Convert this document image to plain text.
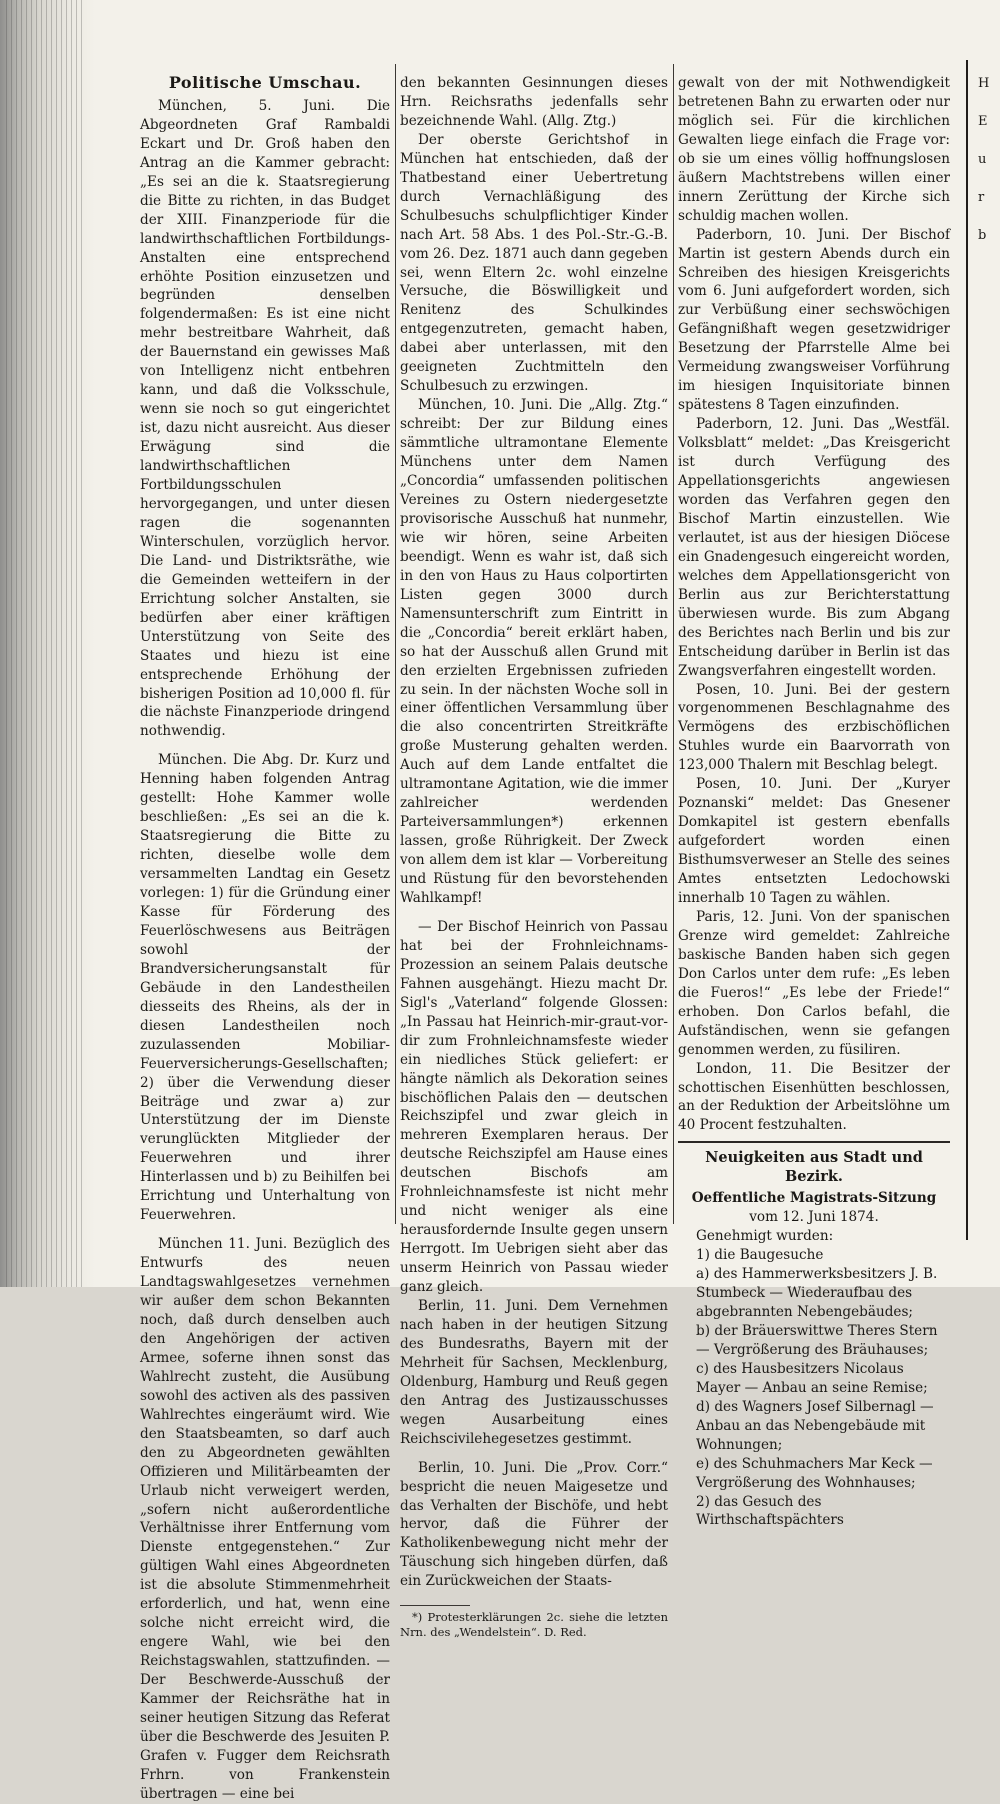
Politische Umschau.

München, 5. Juni. Die Abgeordneten Graf Rambaldi Eckart und Dr. Groß haben den Antrag an die Kammer gebracht: „Es sei an die k. Staatsregierung die Bitte zu richten, in das Budget der XIII. Finanzperiode für die landwirthschaftlichen Fortbildungs-Anstalten eine entsprechend erhöhte Position einzusetzen und begründen denselben folgendermaßen: Es ist eine nicht mehr bestreitbare Wahrheit, daß der Bauernstand ein gewisses Maß von Intelligenz nicht entbehren kann, und daß die Volksschule, wenn sie noch so gut eingerichtet ist, dazu nicht ausreicht. Aus dieser Erwägung sind die landwirthschaftlichen Fortbildungsschulen hervorgegangen, und unter diesen ragen die sogenannten Winterschulen, vorzüglich hervor. Die Land- und Distriktsräthe, wie die Gemeinden wetteifern in der Errichtung solcher Anstalten, sie bedürfen aber einer kräftigen Unterstützung von Seite des Staates und hiezu ist eine entsprechende Erhöhung der bisherigen Position ad 10,000 fl. für die nächste Finanzperiode dringend nothwendig.

München. Die Abg. Dr. Kurz und Henning haben folgenden Antrag gestellt: Hohe Kammer wolle beschließen: „Es sei an die k. Staatsregierung die Bitte zu richten, dieselbe wolle dem versammelten Landtag ein Gesetz vorlegen: 1) für die Gründung einer Kasse für Förderung des Feuerlöschwesens aus Beiträgen sowohl der Brandversicherungsanstalt für Gebäude in den Landestheilen diesseits des Rheins, als der in diesen Landestheilen noch zuzulassenden Mobiliar-Feuerversicherungs-Gesellschaften; 2) über die Verwendung dieser Beiträge und zwar a) zur Unterstützung der im Dienste verunglückten Mitglieder der Feuerwehren und ihrer Hinterlassen und b) zu Beihilfen bei Errichtung und Unterhaltung von Feuerwehren.

München 11. Juni. Bezüglich des Entwurfs des neuen Landtagswahlgesetzes vernehmen wir außer dem schon Bekannten noch, daß durch denselben auch den Angehörigen der activen Armee, soferne ihnen sonst das Wahlrecht zusteht, die Ausübung sowohl des activen als des passiven Wahlrechtes eingeräumt wird. Wie den Staatsbeamten, so darf auch den zu Abgeordneten gewählten Offizieren und Militärbeamten der Urlaub nicht verweigert werden, „sofern nicht außerordentliche Verhältnisse ihrer Entfernung vom Dienste entgegenstehen.“ Zur gültigen Wahl eines Abgeordneten ist die absolute Stimmenmehrheit erforderlich, und hat, wenn eine solche nicht erreicht wird, die engere Wahl, wie bei den Reichstagswahlen, stattzufinden. — Der Beschwerde-Ausschuß der Kammer der Reichsräthe hat in seiner heutigen Sitzung das Referat über die Beschwerde des Jesuiten P. Grafen v. Fugger dem Reichsrath Frhrn. von Frankenstein übertragen — eine bei

den bekannten Gesinnungen dieses Hrn. Reichsraths jedenfalls sehr bezeichnende Wahl. (Allg. Ztg.)

Der oberste Gerichtshof in München hat entschieden, daß der Thatbestand einer Uebertretung durch Vernachläßigung des Schulbesuchs schulpflichtiger Kinder nach Art. 58 Abs. 1 des Pol.-Str.-G.-B. vom 26. Dez. 1871 auch dann gegeben sei, wenn Eltern 2c. wohl einzelne Versuche, die Böswilligkeit und Renitenz des Schulkindes entgegenzutreten, gemacht haben, dabei aber unterlassen, mit den geeigneten Zuchtmitteln den Schulbesuch zu erzwingen.

München, 10. Juni. Die „Allg. Ztg.“ schreibt: Der zur Bildung eines sämmtliche ultramontane Elemente Münchens unter dem Namen „Concordia“ umfassenden politischen Vereines zu Ostern niedergesetzte provisorische Ausschuß hat nunmehr, wie wir hören, seine Arbeiten beendigt. Wenn es wahr ist, daß sich in den von Haus zu Haus colportirten Listen gegen 3000 durch Namensunterschrift zum Eintritt in die „Concordia“ bereit erklärt haben, so hat der Ausschuß allen Grund mit den erzielten Ergebnissen zufrieden zu sein. In der nächsten Woche soll in einer öffentlichen Versammlung über die also concentrirten Streitkräfte große Musterung gehalten werden. Auch auf dem Lande entfaltet die ultramontane Agitation, wie die immer zahlreicher werdenden Parteiversammlungen*) erkennen lassen, große Rührigkeit. Der Zweck von allem dem ist klar — Vorbereitung und Rüstung für den bevorstehenden Wahlkampf!

— Der Bischof Heinrich von Passau hat bei der Frohnleichnams-Prozession an seinem Palais deutsche Fahnen ausgehängt. Hiezu macht Dr. Sigl's „Vaterland“ folgende Glossen: „In Passau hat Heinrich-mir-graut-vor-dir zum Frohnleichnamsfeste wieder ein niedliches Stück geliefert: er hängte nämlich als Dekoration seines bischöflichen Palais den — deutschen Reichszipfel und zwar gleich in mehreren Exemplaren heraus. Der deutsche Reichszipfel am Hause eines deutschen Bischofs am Frohnleichnamsfeste ist nicht mehr und nicht weniger als eine herausfordernde Insulte gegen unsern Herrgott. Im Uebrigen sieht aber das unserm Heinrich von Passau wieder ganz gleich.

Berlin, 11. Juni. Dem Vernehmen nach haben in der heutigen Sitzung des Bundesraths, Bayern mit der Mehrheit für Sachsen, Mecklenburg, Oldenburg, Hamburg und Reuß gegen den Antrag des Justizausschusses wegen Ausarbeitung eines Reichscivilehegesetzes gestimmt.

Berlin, 10. Juni. Die „Prov. Corr.“ bespricht die neuen Maigesetze und das Verhalten der Bischöfe, und hebt hervor, daß die Führer der Katholikenbewegung nicht mehr der Täuschung sich hingeben dürfen, daß ein Zurückweichen der Staats-

*) Protesterklärungen 2c. siehe die letzten Nrn. des „Wendelstein“. D. Red.

gewalt von der mit Nothwendigkeit betretenen Bahn zu erwarten oder nur möglich sei. Für die kirchlichen Gewalten liege einfach die Frage vor: ob sie um eines völlig hoffnungslosen äußern Machtstrebens willen einer innern Zerüttung der Kirche sich schuldig machen wollen.

Paderborn, 10. Juni. Der Bischof Martin ist gestern Abends durch ein Schreiben des hiesigen Kreisgerichts vom 6. Juni aufgefordert worden, sich zur Verbüßung einer sechswöchigen Gefängnißhaft wegen gesetzwidriger Besetzung der Pfarrstelle Alme bei Vermeidung zwangsweiser Vorführung im hiesigen Inquisitoriate binnen spätestens 8 Tagen einzufinden.

Paderborn, 12. Juni. Das „Westfäl. Volksblatt“ meldet: „Das Kreisgericht ist durch Verfügung des Appellationsgerichts angewiesen worden das Verfahren gegen den Bischof Martin einzustellen. Wie verlautet, ist aus der hiesigen Diöcese ein Gnadengesuch eingereicht worden, welches dem Appellationsgericht von Berlin aus zur Berichterstattung überwiesen wurde. Bis zum Abgang des Berichtes nach Berlin und bis zur Entscheidung darüber in Berlin ist das Zwangsverfahren eingestellt worden.

Posen, 10. Juni. Bei der gestern vorgenommenen Beschlagnahme des Vermögens des erzbischöflichen Stuhles wurde ein Baarvorrath von 123,000 Thalern mit Beschlag belegt.

Posen, 10. Juni. Der „Kuryer Poznanski“ meldet: Das Gnesener Domkapitel ist gestern ebenfalls aufgefordert worden einen Bisthumsverweser an Stelle des seines Amtes entsetzten Ledochowski innerhalb 10 Tagen zu wählen.

Paris, 12. Juni. Von der spanischen Grenze wird gemeldet: Zahlreiche baskische Banden haben sich gegen Don Carlos unter dem rufe: „Es leben die Fueros!“ „Es lebe der Friede!“ erhoben. Don Carlos befahl, die Aufständischen, wenn sie gefangen genommen werden, zu füsiliren.

London, 11. Die Besitzer der schottischen Eisenhütten beschlossen, an der Reduktion der Arbeitslöhne um 40 Procent festzuhalten.

Neuigkeiten aus Stadt und Bezirk.

Oeffentliche Magistrats-Sitzung

vom 12. Juni 1874.

Genehmigt wurden:

1) die Baugesuche
a) des Hammerwerksbesitzers J. B. Stumbeck — Wiederaufbau des abgebrannten Nebengebäudes;
b) der Bräuerswittwe Theres Stern — Vergrößerung des Bräuhauses;
c) des Hausbesitzers Nicolaus Mayer — Anbau an seine Remise;
d) des Wagners Josef Silbernagl — Anbau an das Nebengebäude mit Wohnungen;
e) des Schuhmachers Mar Keck — Vergrößerung des Wohnhauses;
2) das Gesuch des Wirthschaftspächters
H

E

u

r

b
